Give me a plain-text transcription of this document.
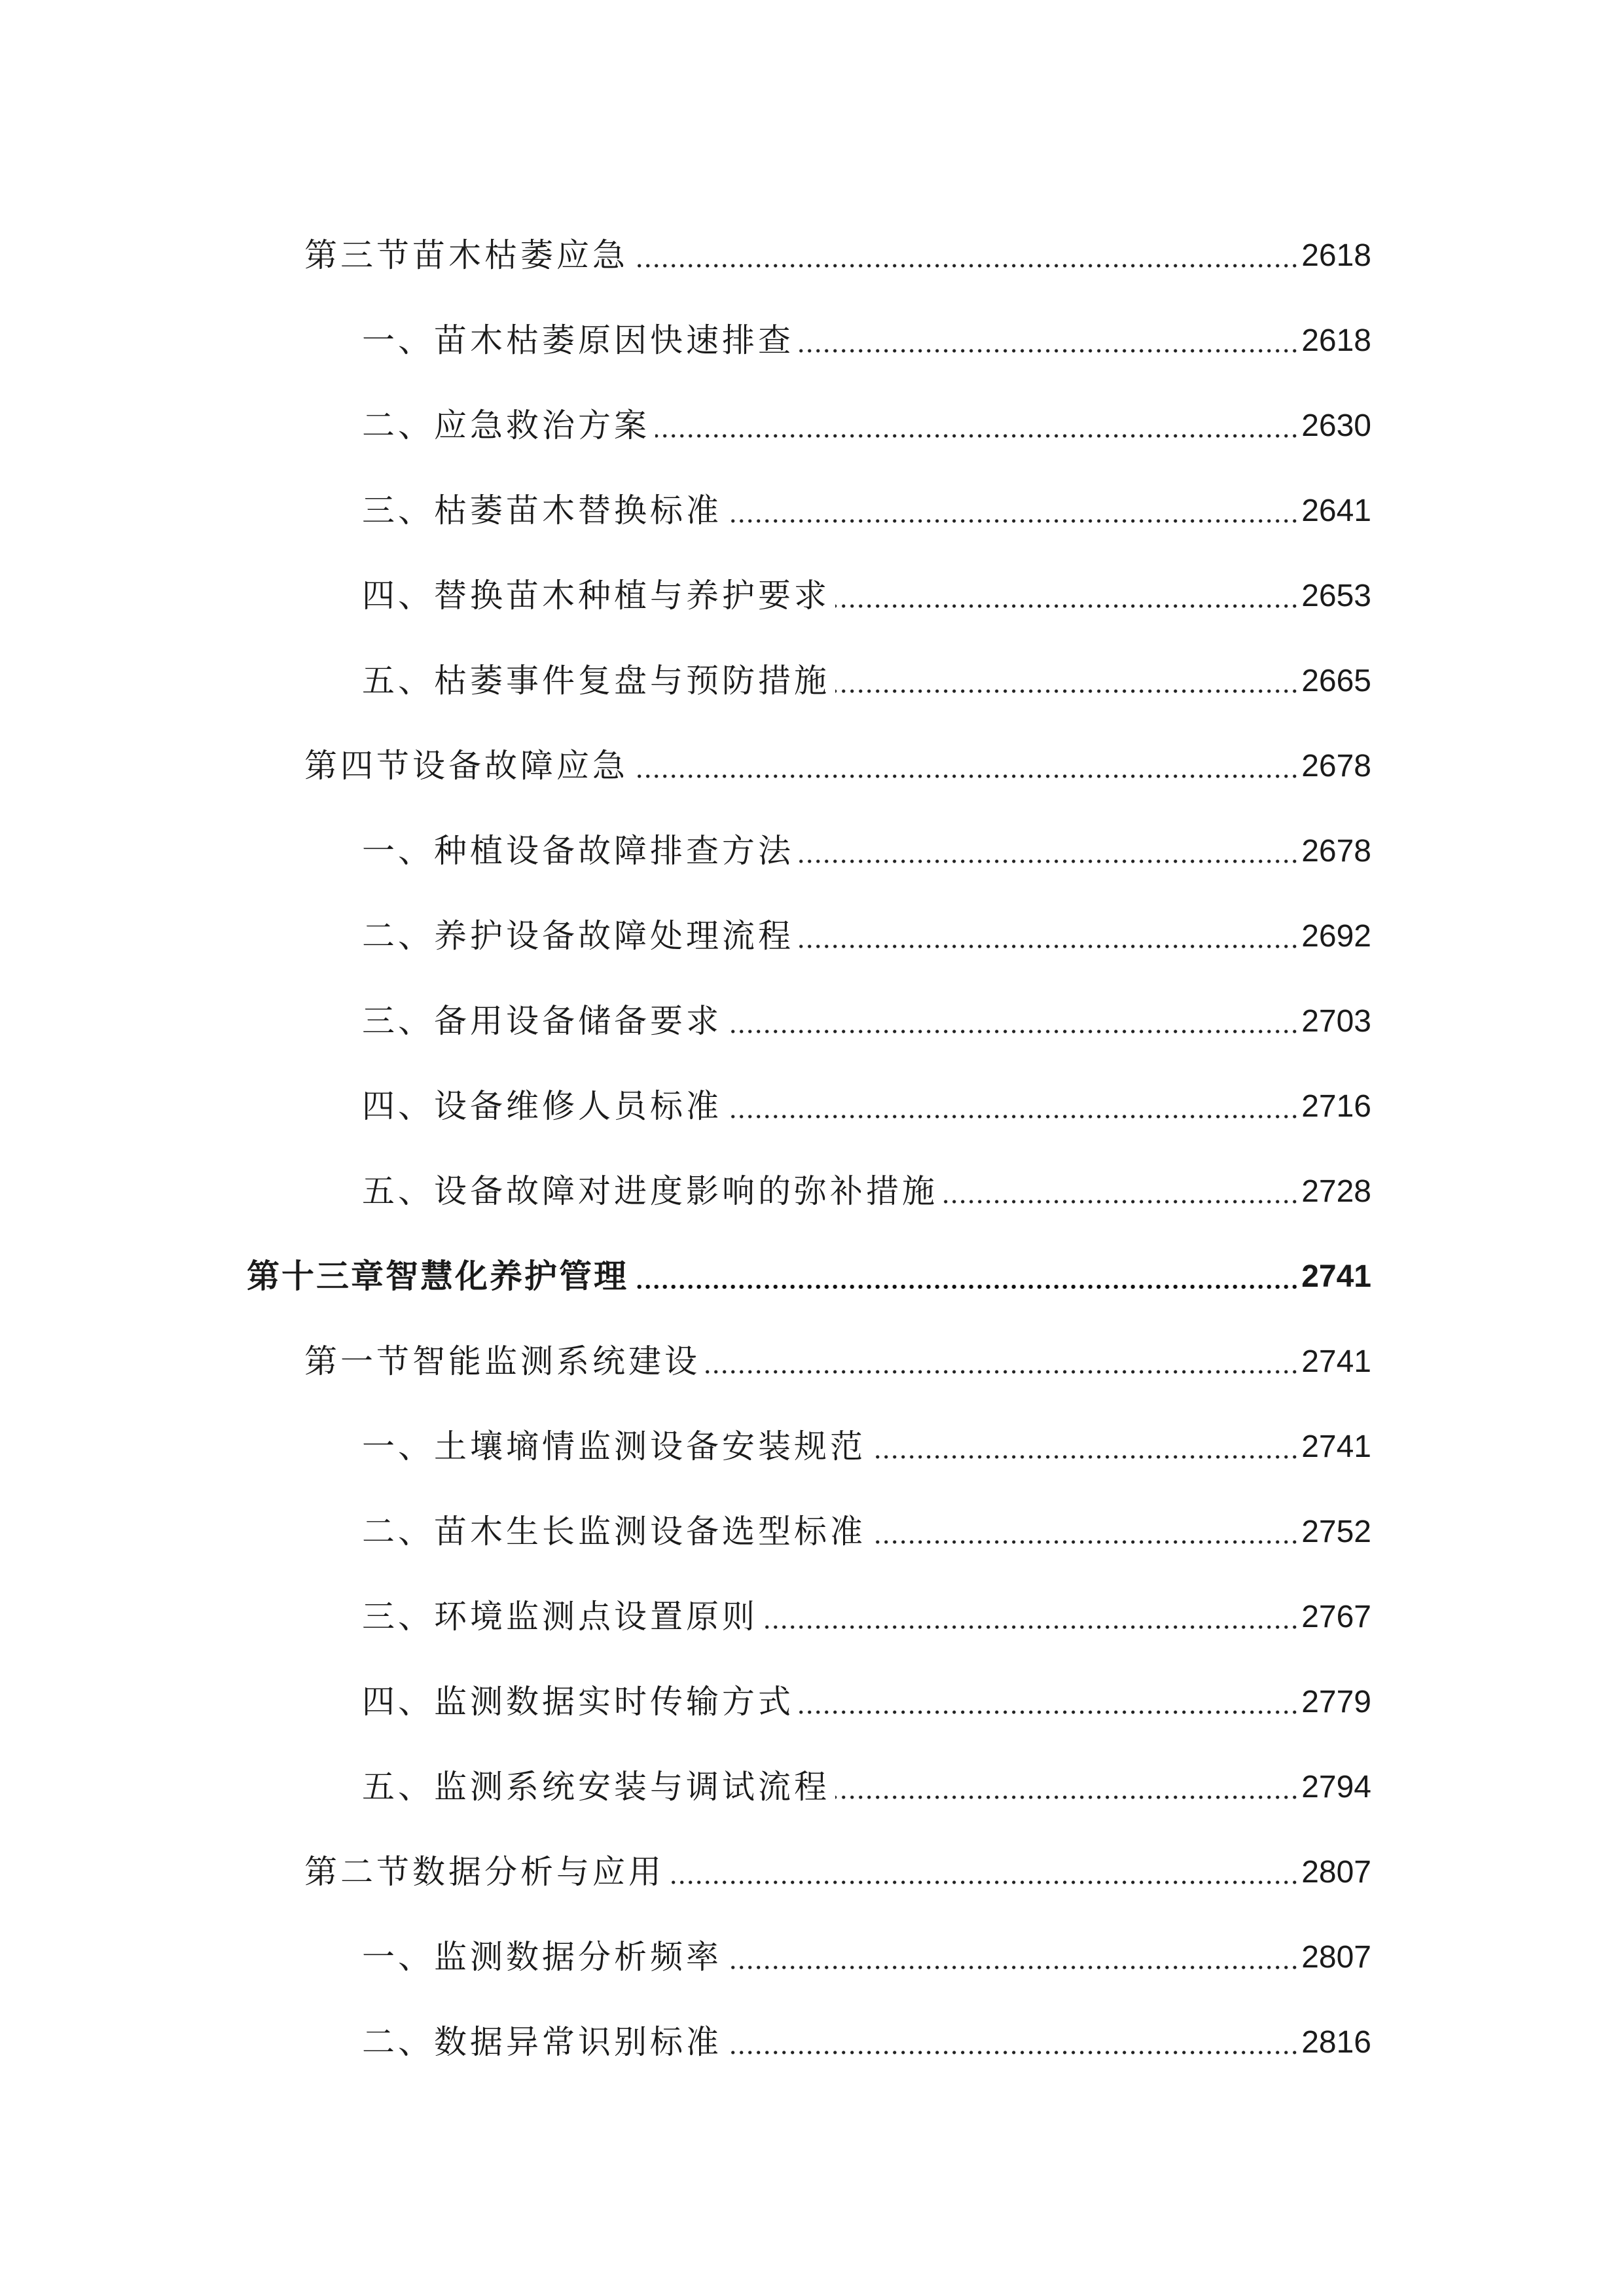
第三节苗木枯萎应急	2618
一、苗木枯萎原因快速排查	2618
二、应急救治方案	2630
三、枯萎苗木替换标准	2641
四、替换苗木种植与养护要求	2653
五、枯萎事件复盘与预防措施	2665
第四节设备故障应急	2678
一、种植设备故障排查方法	2678
二、养护设备故障处理流程	2692
三、备用设备储备要求	2703
四、设备维修人员标准	2716
五、设备故障对进度影响的弥补措施	2728
第十三章智慧化养护管理	2741
第一节智能监测系统建设	2741
一、土壤墒情监测设备安装规范	2741
二、苗木生长监测设备选型标准	2752
三、环境监测点设置原则	2767
四、监测数据实时传输方式	2779
五、监测系统安装与调试流程	2794
第二节数据分析与应用	2807
一、监测数据分析频率	2807
二、数据异常识别标准	2816
